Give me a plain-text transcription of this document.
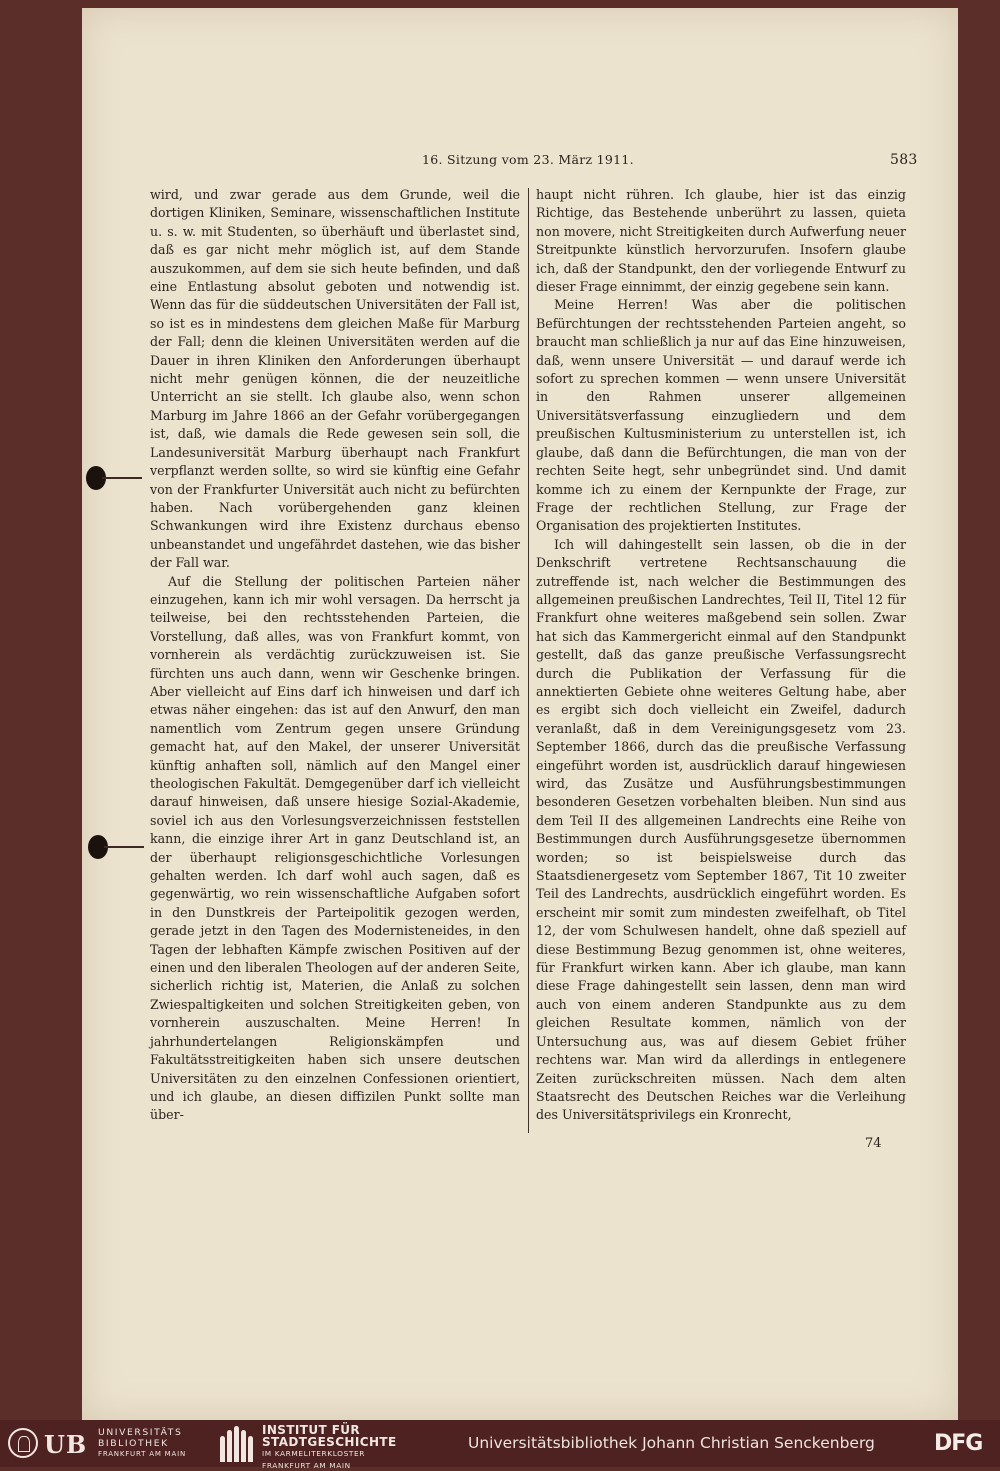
16. Sitzung vom 23. März 1911.	583

wird, und zwar gerade aus dem Grunde, weil die dortigen Kliniken, Seminare, wissenschaftlichen Institute u. s. w. mit Studenten, so überhäuft und überlastet sind, daß es gar nicht mehr möglich ist, auf dem Stande auszukommen, auf dem sie sich heute befinden, und daß eine Entlastung absolut geboten und notwendig ist. Wenn das für die süddeutschen Universitäten der Fall ist, so ist es in mindestens dem gleichen Maße für Marburg der Fall; denn die kleinen Universitäten werden auf die Dauer in ihren Kliniken den Anforderungen überhaupt nicht mehr genügen können, die der neuzeitliche Unterricht an sie stellt. Ich glaube also, wenn schon Marburg im Jahre 1866 an der Gefahr vorübergegangen ist, daß, wie damals die Rede gewesen sein soll, die Landesuniversität Marburg überhaupt nach Frankfurt verpflanzt werden sollte, so wird sie künftig eine Gefahr von der Frankfurter Universität auch nicht zu befürchten haben. Nach vorübergehenden ganz kleinen Schwankungen wird ihre Existenz durchaus ebenso unbeanstandet und ungefährdet dastehen, wie das bisher der Fall war.

Auf die Stellung der politischen Parteien näher einzugehen, kann ich mir wohl versagen. Da herrscht ja teilweise, bei den rechtsstehenden Parteien, die Vorstellung, daß alles, was von Frankfurt kommt, von vornherein als verdächtig zurückzuweisen ist. Sie fürchten uns auch dann, wenn wir Geschenke bringen. Aber vielleicht auf Eins darf ich hinweisen und darf ich etwas näher eingehen: das ist auf den Anwurf, den man namentlich vom Zentrum gegen unsere Gründung gemacht hat, auf den Makel, der unserer Universität künftig anhaften soll, nämlich auf den Mangel einer theologischen Fakultät. Demgegenüber darf ich vielleicht darauf hinweisen, daß unsere hiesige Sozial-Akademie, soviel ich aus den Vorlesungsverzeichnissen feststellen kann, die einzige ihrer Art in ganz Deutschland ist, an der überhaupt religionsgeschichtliche Vorlesungen gehalten werden. Ich darf wohl auch sagen, daß es gegenwärtig, wo rein wissenschaftliche Aufgaben sofort in den Dunstkreis der Parteipolitik gezogen werden, gerade jetzt in den Tagen des Modernisteneides, in den Tagen der lebhaften Kämpfe zwischen Positiven auf der einen und den liberalen Theologen auf der anderen Seite, sicherlich richtig ist, Materien, die Anlaß zu solchen Zwiespaltigkeiten und solchen Streitigkeiten geben, von vornherein auszuschalten. Meine Herren! In jahrhundertelangen Religionskämpfen und Fakultätsstreitigkeiten haben sich unsere deutschen Universitäten zu den einzelnen Confessionen orientiert, und ich glaube, an diesen diffizilen Punkt sollte man über-

haupt nicht rühren. Ich glaube, hier ist das einzig Richtige, das Bestehende unberührt zu lassen, quieta non movere, nicht Streitigkeiten durch Aufwerfung neuer Streitpunkte künstlich hervorzurufen. Insofern glaube ich, daß der Standpunkt, den der vorliegende Entwurf zu dieser Frage einnimmt, der einzig gegebene sein kann.

Meine Herren! Was aber die politischen Befürchtungen der rechtsstehenden Parteien angeht, so braucht man schließlich ja nur auf das Eine hinzuweisen, daß, wenn unsere Universität — und darauf werde ich sofort zu sprechen kommen — wenn unsere Universität in den Rahmen unserer allgemeinen Universitätsverfassung einzugliedern und dem preußischen Kultusministerium zu unterstellen ist, ich glaube, daß dann die Befürchtungen, die man von der rechten Seite hegt, sehr unbegründet sind. Und damit komme ich zu einem der Kernpunkte der Frage, zur Frage der rechtlichen Stellung, zur Frage der Organisation des projektierten Institutes.

Ich will dahingestellt sein lassen, ob die in der Denkschrift vertretene Rechtsanschauung die zutreffende ist, nach welcher die Bestimmungen des allgemeinen preußischen Landrechtes, Teil II, Titel 12 für Frankfurt ohne weiteres maßgebend sein sollen. Zwar hat sich das Kammergericht einmal auf den Standpunkt gestellt, daß das ganze preußische Verfassungsrecht durch die Publikation der Verfassung für die annektierten Gebiete ohne weiteres Geltung habe, aber es ergibt sich doch vielleicht ein Zweifel, dadurch veranlaßt, daß in dem Vereinigungsgesetz vom 23. September 1866, durch das die preußische Verfassung eingeführt worden ist, ausdrücklich darauf hingewiesen wird, das Zusätze und Ausführungsbestimmungen besonderen Gesetzen vorbehalten bleiben. Nun sind aus dem Teil II des allgemeinen Landrechts eine Reihe von Bestimmungen durch Ausführungsgesetze übernommen worden; so ist beispielsweise durch das Staatsdienergesetz vom September 1867, Tit 10 zweiter Teil des Landrechts, ausdrücklich eingeführt worden. Es erscheint mir somit zum mindesten zweifelhaft, ob Titel 12, der vom Schulwesen handelt, ohne daß speziell auf diese Bestimmung Bezug genommen ist, ohne weiteres, für Frankfurt wirken kann. Aber ich glaube, man kann diese Frage dahingestellt sein lassen, denn man wird auch von einem anderen Standpunkte aus zu dem gleichen Resultate kommen, nämlich von der Untersuchung aus, was auf diesem Gebiet früher rechtens war. Man wird da allerdings in entlegenere Zeiten zurückschreiten müssen. Nach dem alten Staatsrecht des Deutschen Reiches war die Verleihung des Universitätsprivilegs ein Kronrecht,

74
UB UNIVERSITÄTS
BIBLIOTHEK
FRANKFURT AM MAIN
INSTITUT FÜR
STADTGESCHICHTE
IM KARMELITERKLOSTER
FRANKFURT AM MAIN
Universitätsbibliothek Johann Christian Senckenberg	DFG
